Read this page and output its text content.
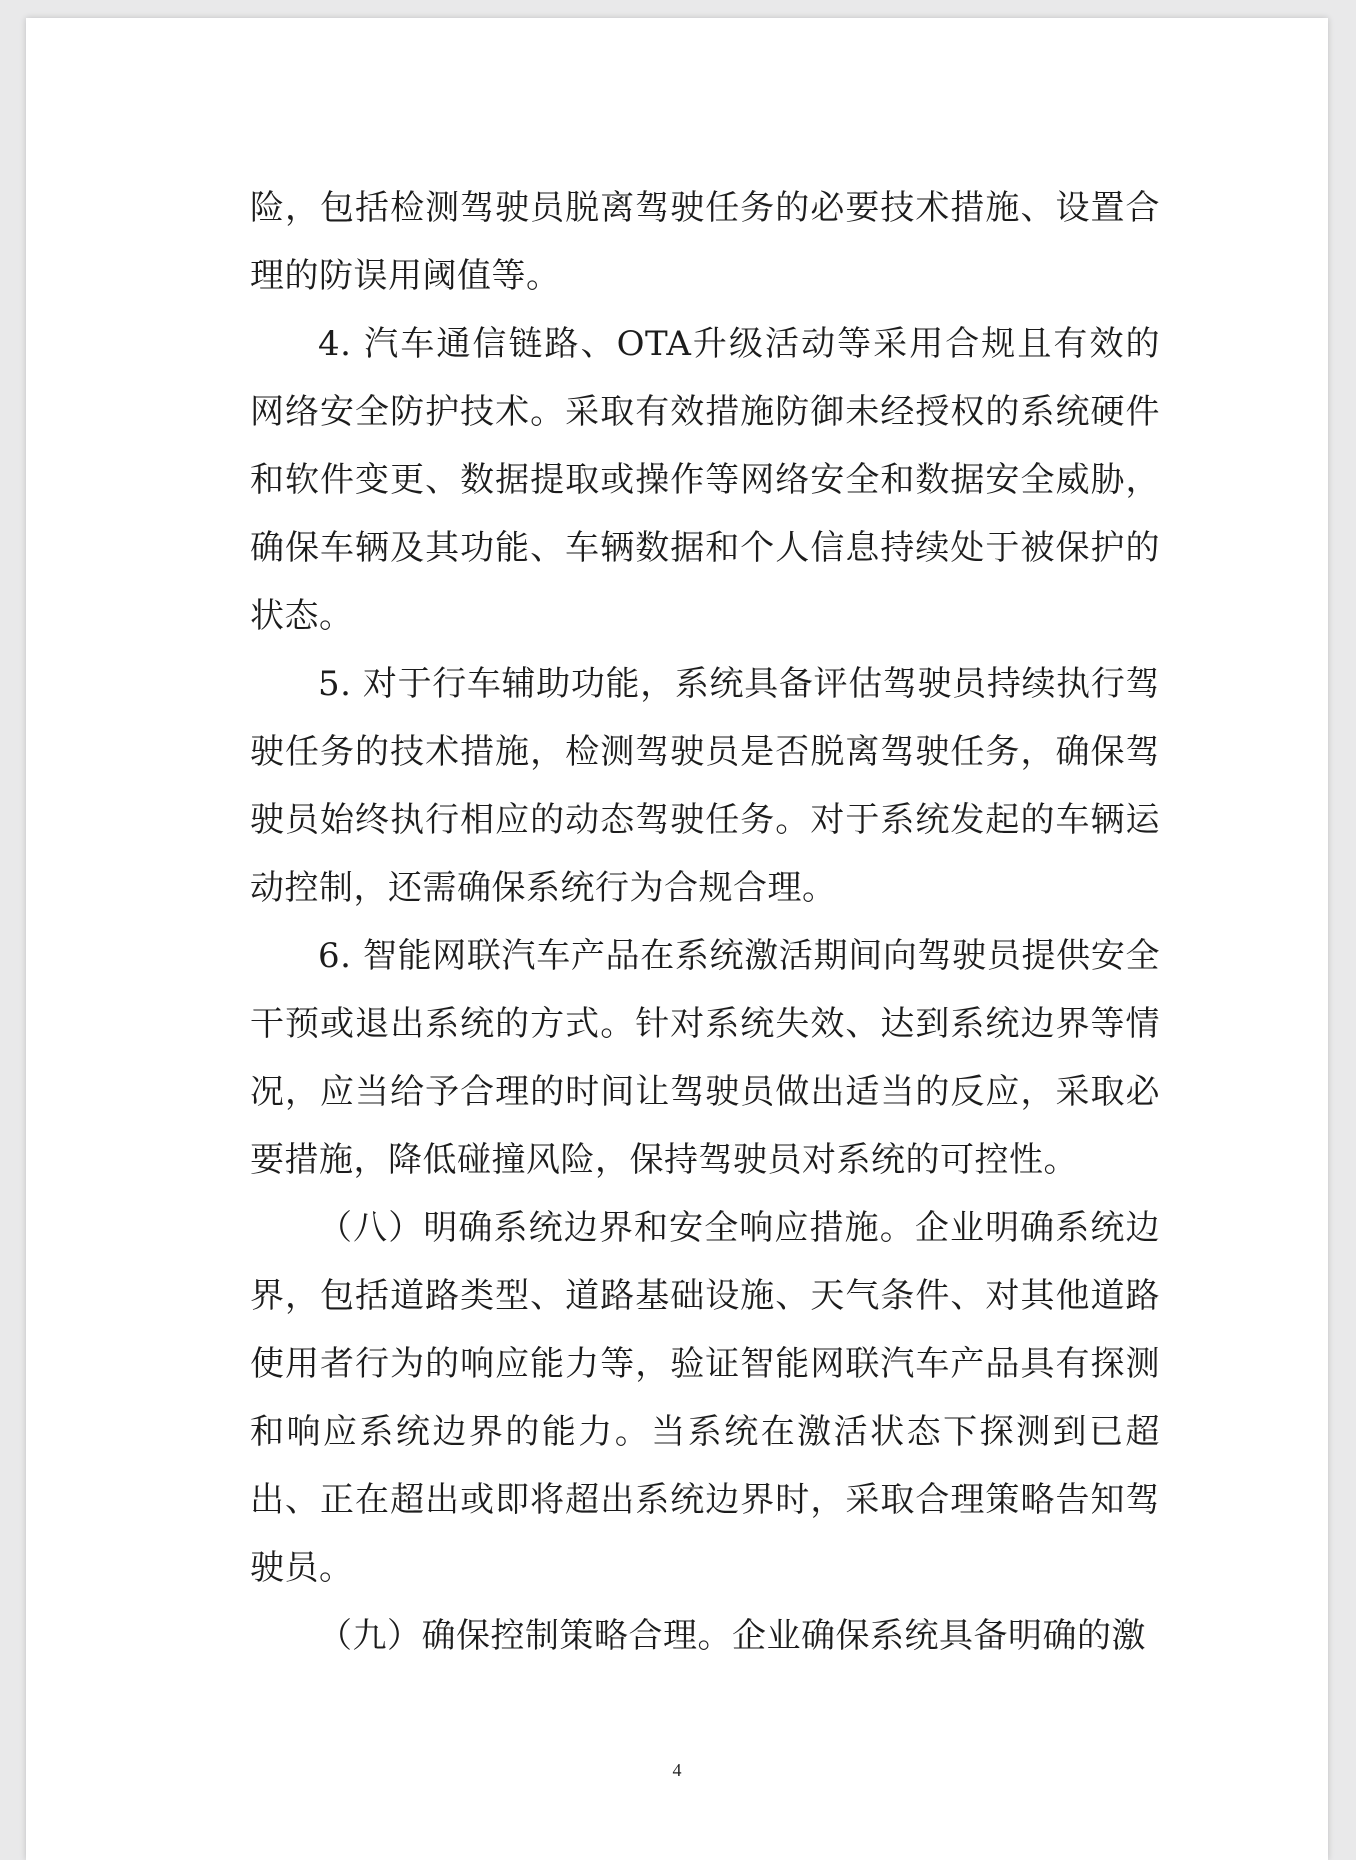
险，包括检测驾驶员脱离驾驶任务的必要技术措施、设置合理的防误用阈值等。

4. 汽车通信链路、OTA升级活动等采用合规且有效的网络安全防护技术。采取有效措施防御未经授权的系统硬件和软件变更、数据提取或操作等网络安全和数据安全威胁，确保车辆及其功能、车辆数据和个人信息持续处于被保护的状态。

5. 对于行车辅助功能，系统具备评估驾驶员持续执行驾驶任务的技术措施，检测驾驶员是否脱离驾驶任务，确保驾驶员始终执行相应的动态驾驶任务。对于系统发起的车辆运动控制，还需确保系统行为合规合理。

6. 智能网联汽车产品在系统激活期间向驾驶员提供安全干预或退出系统的方式。针对系统失效、达到系统边界等情况，应当给予合理的时间让驾驶员做出适当的反应，采取必要措施，降低碰撞风险，保持驾驶员对系统的可控性。

（八）明确系统边界和安全响应措施。企业明确系统边界，包括道路类型、道路基础设施、天气条件、对其他道路使用者行为的响应能力等，验证智能网联汽车产品具有探测和响应系统边界的能力。当系统在激活状态下探测到已超出、正在超出或即将超出系统边界时，采取合理策略告知驾驶员。

（九）确保控制策略合理。企业确保系统具备明确的激

4
